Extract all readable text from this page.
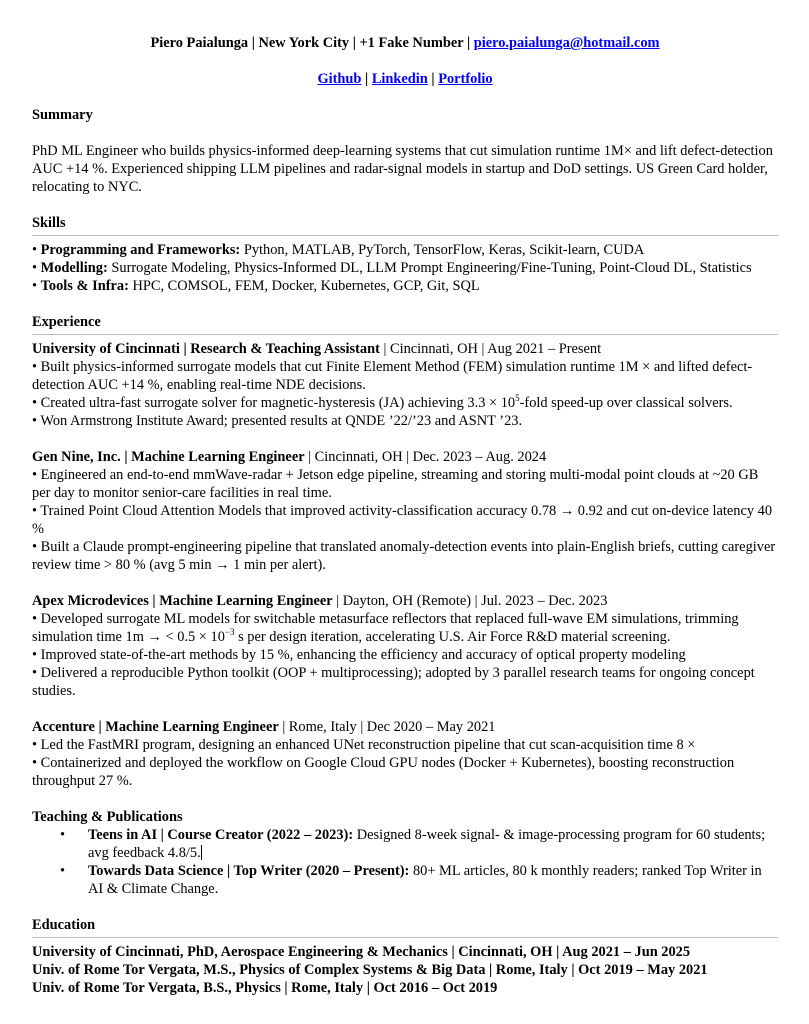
Piero Paialunga | New York City | +1 Fake Number | piero.paialunga@hotmail.com
Github | Linkedin | Portfolio
Summary
PhD ML Engineer who builds physics-informed deep-learning systems that cut simulation runtime 1M× and lift defect-detection AUC +14 %. Experienced shipping LLM pipelines and radar-signal models in startup and DoD settings. US Green Card holder, relocating to NYC.
Skills
• Programming and Frameworks: Python, MATLAB, PyTorch, TensorFlow, Keras, Scikit-learn, CUDA
• Modelling: Surrogate Modeling, Physics-Informed DL, LLM Prompt Engineering/Fine-Tuning, Point-Cloud DL, Statistics
• Tools & Infra: HPC, COMSOL, FEM, Docker, Kubernetes, GCP, Git, SQL
Experience
University of Cincinnati | Research & Teaching Assistant | Cincinnati, OH | Aug 2021 – Present
• Built physics-informed surrogate models that cut Finite Element Method (FEM) simulation runtime 1M × and lifted defect-detection AUC +14 %, enabling real-time NDE decisions.
• Created ultra-fast surrogate solver for magnetic-hysteresis (JA) achieving $3.3 \times 10^5$-fold speed-up over classical solvers.
• Won Armstrong Institute Award; presented results at QNDE ’22/’23 and ASNT ’23.
Gen Nine, Inc. | Machine Learning Engineer | Cincinnati, OH | Dec. 2023 – Aug. 2024
• Engineered an end-to-end mmWave-radar + Jetson edge pipeline, streaming and storing multi-modal point clouds at ~20 GB per day to monitor senior-care facilities in real time.
• Trained Point Cloud Attention Models that improved activity-classification accuracy 0.78 → 0.92 and cut on-device latency 40 %
• Built a Claude prompt-engineering pipeline that translated anomaly-detection events into plain-English briefs, cutting caregiver review time > 80 % (avg 5 min → 1 min per alert).
Apex Microdevices | Machine Learning Engineer | Dayton, OH (Remote) | Jul. 2023 – Dec. 2023
• Developed surrogate ML models for switchable metasurface reflectors that replaced full-wave EM simulations, trimming simulation time 1m → < $0.5 \times 10^{-3}$ s per design iteration, accelerating U.S. Air Force R&D material screening.
• Improved state-of-the-art methods by 15 %, enhancing the efficiency and accuracy of optical property modeling
• Delivered a reproducible Python toolkit (OOP + multiprocessing); adopted by 3 parallel research teams for ongoing concept studies.
Accenture | Machine Learning Engineer | Rome, Italy | Dec 2020 – May 2021
• Led the FastMRI program, designing an enhanced UNet reconstruction pipeline that cut scan-acquisition time 8 ×
• Containerized and deployed the workflow on Google Cloud GPU nodes (Docker + Kubernetes), boosting reconstruction throughput 27 %.
Teaching & Publications
• Teens in AI | Course Creator (2022 – 2023): Designed 8-week signal- & image-processing program for 60 students; avg feedback 4.8/5.
• Towards Data Science | Top Writer (2020 – Present): 80+ ML articles, 80 k monthly readers; ranked Top Writer in AI & Climate Change.
Education
University of Cincinnati, PhD, Aerospace Engineering & Mechanics | Cincinnati, OH | Aug 2021 – Jun 2025
Univ. of Rome Tor Vergata, M.S., Physics of Complex Systems & Big Data | Rome, Italy | Oct 2019 – May 2021
Univ. of Rome Tor Vergata, B.S., Physics | Rome, Italy | Oct 2016 – Oct 2019
